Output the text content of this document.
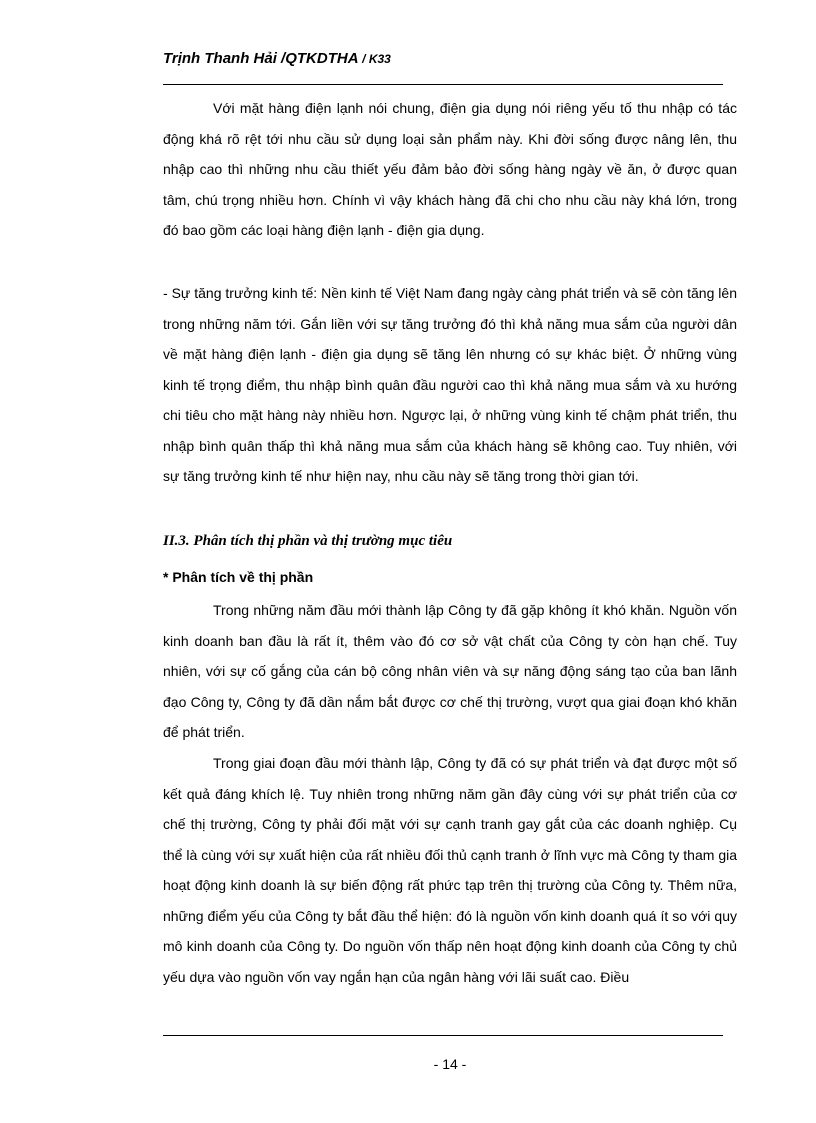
Trịnh Thanh Hải /QTKDTHA / K33

Với mặt hàng điện lạnh nói chung, điện gia dụng nói riêng yếu tố thu nhập có tác động khá rõ rệt tới nhu cầu sử dụng loại sản phẩm này. Khi đời sống được nâng lên, thu nhập cao thì những nhu cầu thiết yếu đảm bảo đời sống hàng ngày về ăn, ở được quan tâm, chú trọng nhiều hơn. Chính vì vậy khách hàng đã chi cho nhu cầu này khá lớn, trong đó bao gồm các loại hàng điện lạnh - điện gia dụng.

- Sự tăng trưởng kinh tế: Nền kinh tế Việt Nam đang ngày càng phát triển và sẽ còn tăng lên trong những năm tới. Gắn liền với sự tăng trưởng đó thì khả năng mua sắm của người dân về mặt hàng điện lạnh - điện gia dụng sẽ tăng lên nhưng có sự khác biệt. Ở những vùng kinh tế trọng điểm, thu nhập bình quân đầu người cao thì khả năng mua sắm và xu hướng chi tiêu cho mặt hàng này nhiều hơn. Ngược lại, ở những vùng kinh tế chậm phát triển, thu nhập bình quân thấp thì khả năng mua sắm của khách hàng sẽ không cao. Tuy nhiên, với sự tăng trưởng kinh tế như hiện nay, nhu cầu này sẽ tăng trong thời gian tới.

II.3. Phân tích thị phần và thị trường mục tiêu

* Phân tích về thị phần

Trong những năm đầu mới thành lập Công ty đã gặp không ít khó khăn. Nguồn vốn kinh doanh ban đầu là rất ít, thêm vào đó cơ sở vật chất của Công ty còn hạn chế. Tuy nhiên, với sự cố gắng của cán bộ công nhân viên và sự năng động sáng tạo của ban lãnh đạo Công ty, Công ty đã dần nắm bắt được cơ chế thị trường, vượt qua giai đoạn khó khăn để phát triển.

Trong giai đoạn đầu mới thành lập, Công ty đã có sự phát triển và đạt được một số kết quả đáng khích lệ. Tuy nhiên trong những năm gần đây cùng với sự phát triển của cơ chế thị trường, Công ty phải đối mặt với sự cạnh tranh gay gắt của các doanh nghiệp. Cụ thể là cùng với sự xuất hiện của rất nhiều đối thủ cạnh tranh ở lĩnh vực mà Công ty tham gia hoạt động kinh doanh là sự biến động rất phức tạp trên thị trường của Công ty. Thêm nữa, những điểm yếu của Công ty bắt đầu thể hiện: đó là nguồn vốn kinh doanh quá ít so với quy mô kinh doanh của Công ty. Do nguồn vốn thấp nên hoạt động kinh doanh của Công ty chủ yếu dựa vào nguồn vốn vay ngắn hạn của ngân hàng với lãi suất cao. Điều

- 14 -
